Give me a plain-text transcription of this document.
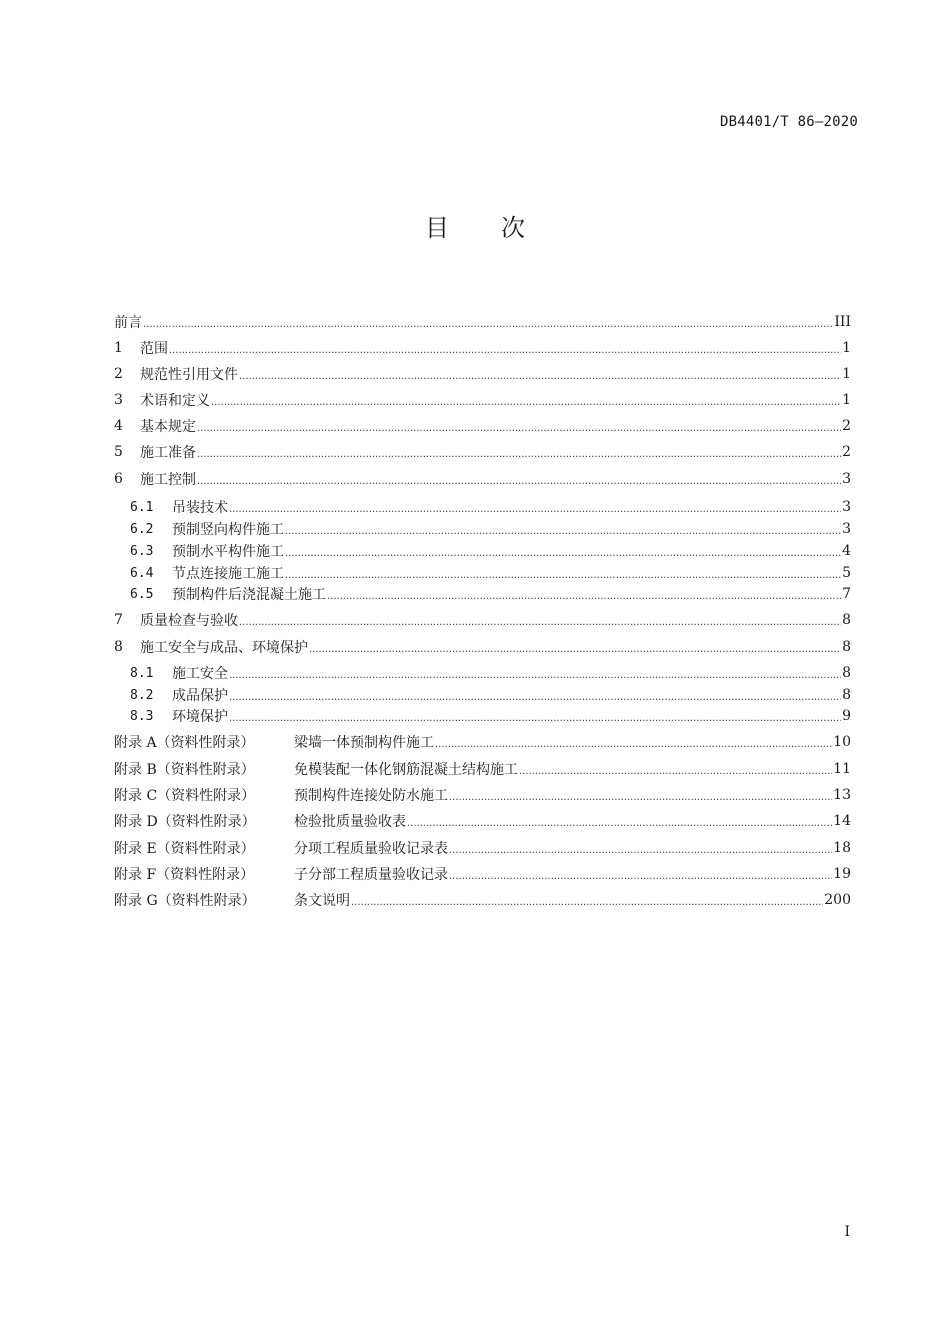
DB4401/T 86—2020
目 次
前言 .....	III
1	范围 .....	1
2	规范性引用文件 .....	1
3	术语和定义 .....	1
4	基本规定 .....	2
5	施工准备 .....	2
6	施工控制 .....	3
6.1	吊装技术 .....	3
6.2	预制竖向构件施工 .....	3
6.3	预制水平构件施工 .....	4
6.4	节点连接施工施工 .....	5
6.5	预制构件后浇混凝土施工 .....	7
7	质量检查与验收 .....	8
8	施工安全与成品、环境保护 .....	8
8.1	施工安全 .....	8
8.2	成品保护 .....	8
8.3	环境保护 .....	9
附录 A（资料性附录）	梁墙一体预制构件施工 .....	10
附录 B（资料性附录）	免模装配一体化钢筋混凝土结构施工 .....	11
附录 C（资料性附录）	预制构件连接处防水施工 .....	13
附录 D（资料性附录）	检验批质量验收表 .....	14
附录 E（资料性附录）	分项工程质量验收记录表 .....	18
附录 F（资料性附录）	子分部工程质量验收记录 .....	19
附录 G（资料性附录）	条文说明 .....	200
I
